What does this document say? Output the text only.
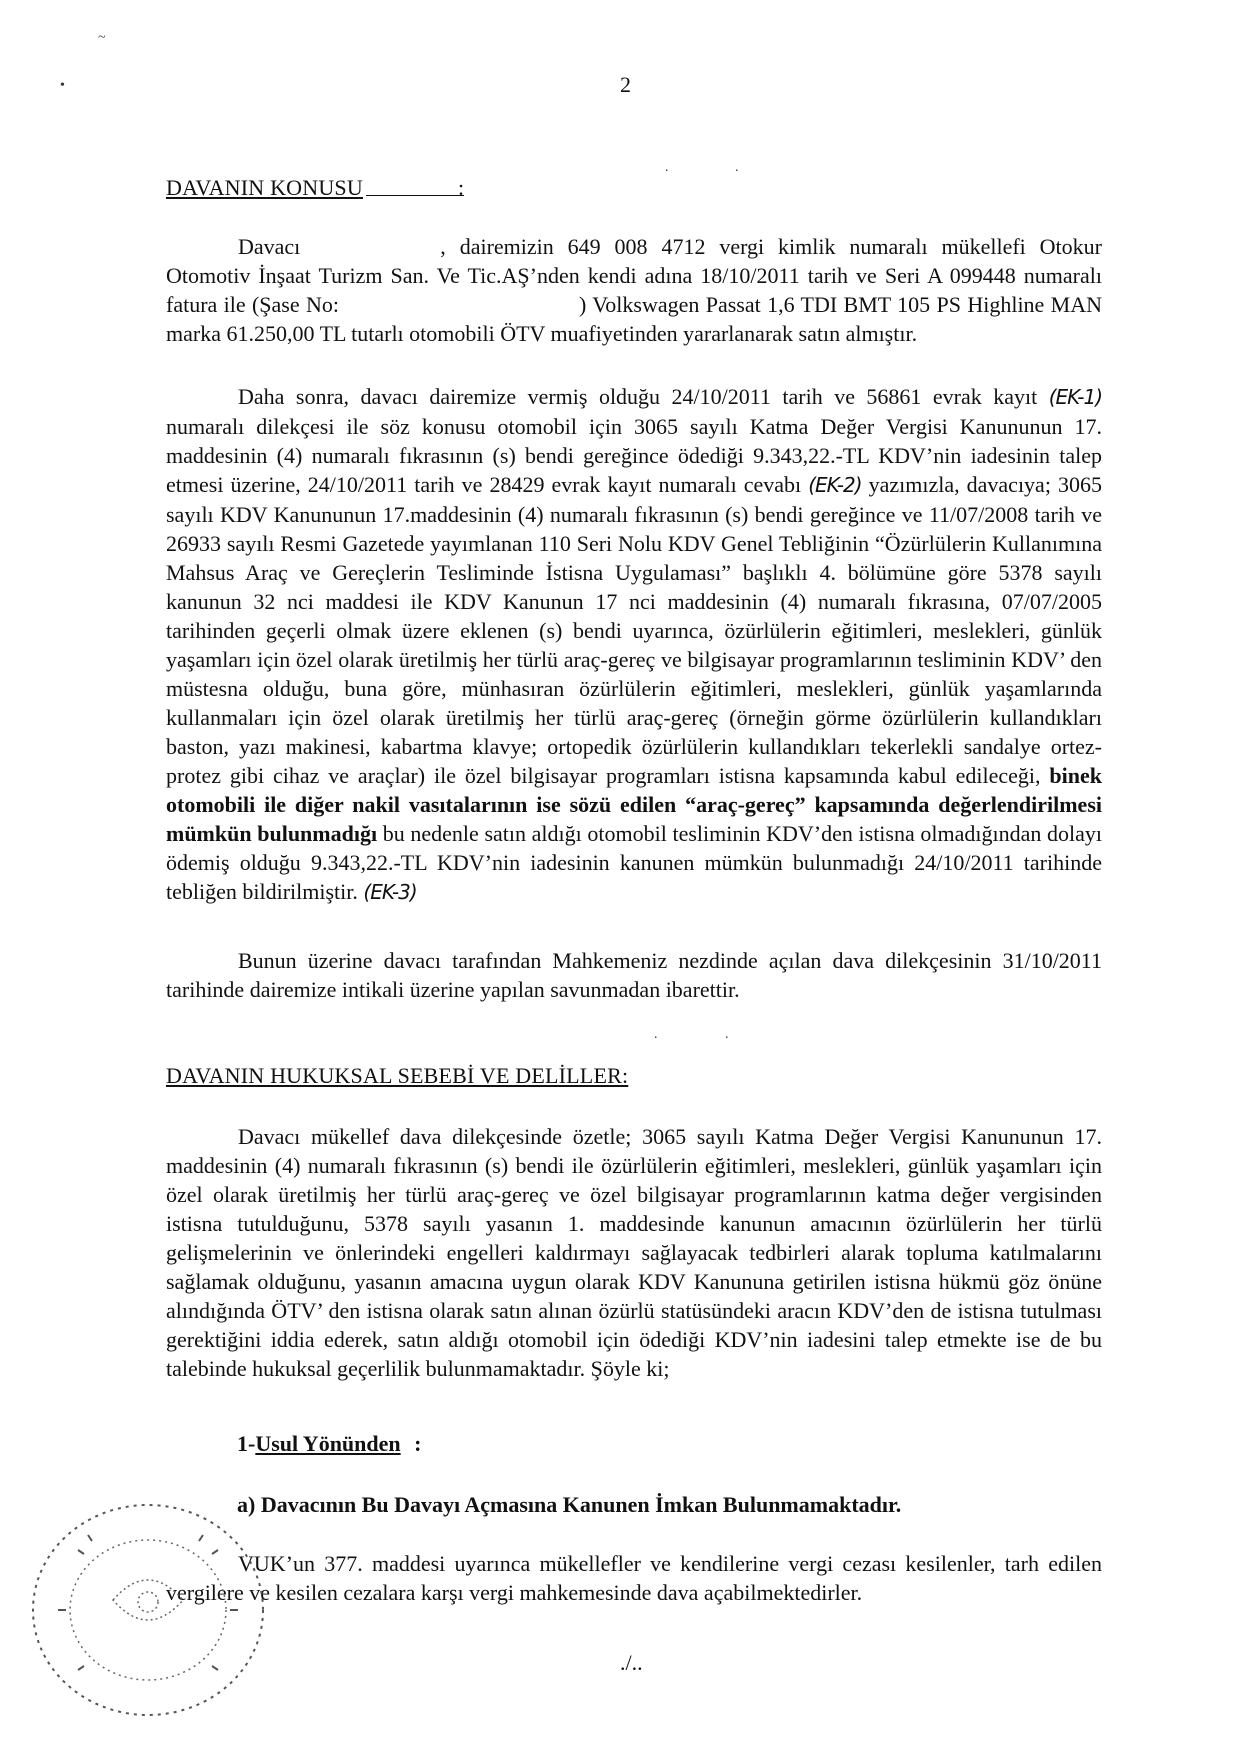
~
•
.	.
2
DAVANIN KONUSU	:

Davacı	, dairemizin 649 008 4712 vergi kimlik numaralı mükellefi Otokur Otomotiv İnşaat Turizm San. Ve Tic.AŞ’nden kendi adına 18/10/2011 tarih ve Seri A 099448 numaralı fatura ile (Şase No:	) Volkswagen Passat 1,6 TDI BMT 105 PS Highline MAN marka 61.250,00 TL tutarlı otomobili ÖTV muafiyetinden yararlanarak satın almıştır.

Daha sonra, davacı dairemize vermiş olduğu 24/10/2011 tarih ve 56861 evrak kayıt (EK-1) numaralı dilekçesi ile söz konusu otomobil için 3065 sayılı Katma Değer Vergisi Kanununun 17. maddesinin (4) numaralı fıkrasının (s) bendi gereğince ödediği 9.343,22.-TL KDV’nin iadesinin talep etmesi üzerine, 24/10/2011 tarih ve 28429 evrak kayıt numaralı cevabı (EK-2) yazımızla, davacıya; 3065 sayılı KDV Kanununun 17.maddesinin (4) numaralı fıkrasının (s) bendi gereğince ve 11/07/2008 tarih ve 26933 sayılı Resmi Gazetede yayımlanan 110 Seri Nolu KDV Genel Tebliğinin “Özürlülerin Kullanımına Mahsus Araç ve Gereçlerin Tesliminde İstisna Uygulaması” başlıklı 4. bölümüne göre 5378 sayılı kanunun 32 nci maddesi ile KDV Kanunun 17 nci maddesinin (4) numaralı fıkrasına, 07/07/2005 tarihinden geçerli olmak üzere eklenen (s) bendi uyarınca, özürlülerin eğitimleri, meslekleri, günlük yaşamları için özel olarak üretilmiş her türlü araç-gereç ve bilgisayar programlarının tesliminin KDV’ den müstesna olduğu, buna göre, münhasıran özürlülerin eğitimleri, meslekleri, günlük yaşamlarında kullanmaları için özel olarak üretilmiş her türlü araç-gereç (örneğin görme özürlülerin kullandıkları baston, yazı makinesi, kabartma klavye; ortopedik özürlülerin kullandıkları tekerlekli sandalye ortez-protez gibi cihaz ve araçlar) ile özel bilgisayar programları istisna kapsamında kabul edileceği, binek otomobili ile diğer nakil vasıtalarının ise sözü edilen “araç-gereç” kapsamında değerlendirilmesi mümkün bulunmadığı bu nedenle satın aldığı otomobil tesliminin KDV’den istisna olmadığından dolayı ödemiş olduğu 9.343,22.-TL KDV’nin iadesinin kanunen mümkün bulunmadığı 24/10/2011 tarihinde tebliğen bildirilmiştir. (EK-3)

Bunun üzerine davacı tarafından Mahkemeniz nezdinde açılan dava dilekçesinin 31/10/2011 tarihinde dairemize intikali üzerine yapılan savunmadan ibarettir.

.	.
DAVANIN HUKUKSAL SEBEBİ VE DELİLLER:

Davacı mükellef dava dilekçesinde özetle; 3065 sayılı Katma Değer Vergisi Kanununun 17. maddesinin (4) numaralı fıkrasının (s) bendi ile özürlülerin eğitimleri, meslekleri, günlük yaşamları için özel olarak üretilmiş her türlü araç-gereç ve özel bilgisayar programlarının katma değer vergisinden istisna tutulduğunu, 5378 sayılı yasanın 1. maddesinde kanunun amacının özürlülerin her türlü gelişmelerinin ve önlerindeki engelleri kaldırmayı sağlayacak tedbirleri alarak topluma katılmalarını sağlamak olduğunu, yasanın amacına uygun olarak KDV Kanununa getirilen istisna hükmü göz önüne alındığında ÖTV’ den istisna olarak satın alınan özürlü statüsündeki aracın KDV’den de istisna tutulması gerektiğini iddia ederek, satın aldığı otomobil için ödediği KDV’nin iadesini talep etmekte ise de bu talebinde hukuksal geçerlilik bulunmamaktadır. Şöyle ki;

1-Usul Yönünden :
a) Davacının Bu Davayı Açmasına Kanunen İmkan Bulunmamaktadır.

VUK’un 377. maddesi uyarınca mükellefler ve kendilerine vergi cezası kesilenler, tarh edilen vergilere ve kesilen cezalara karşı vergi mahkemesinde dava açabilmektedirler.

./..
